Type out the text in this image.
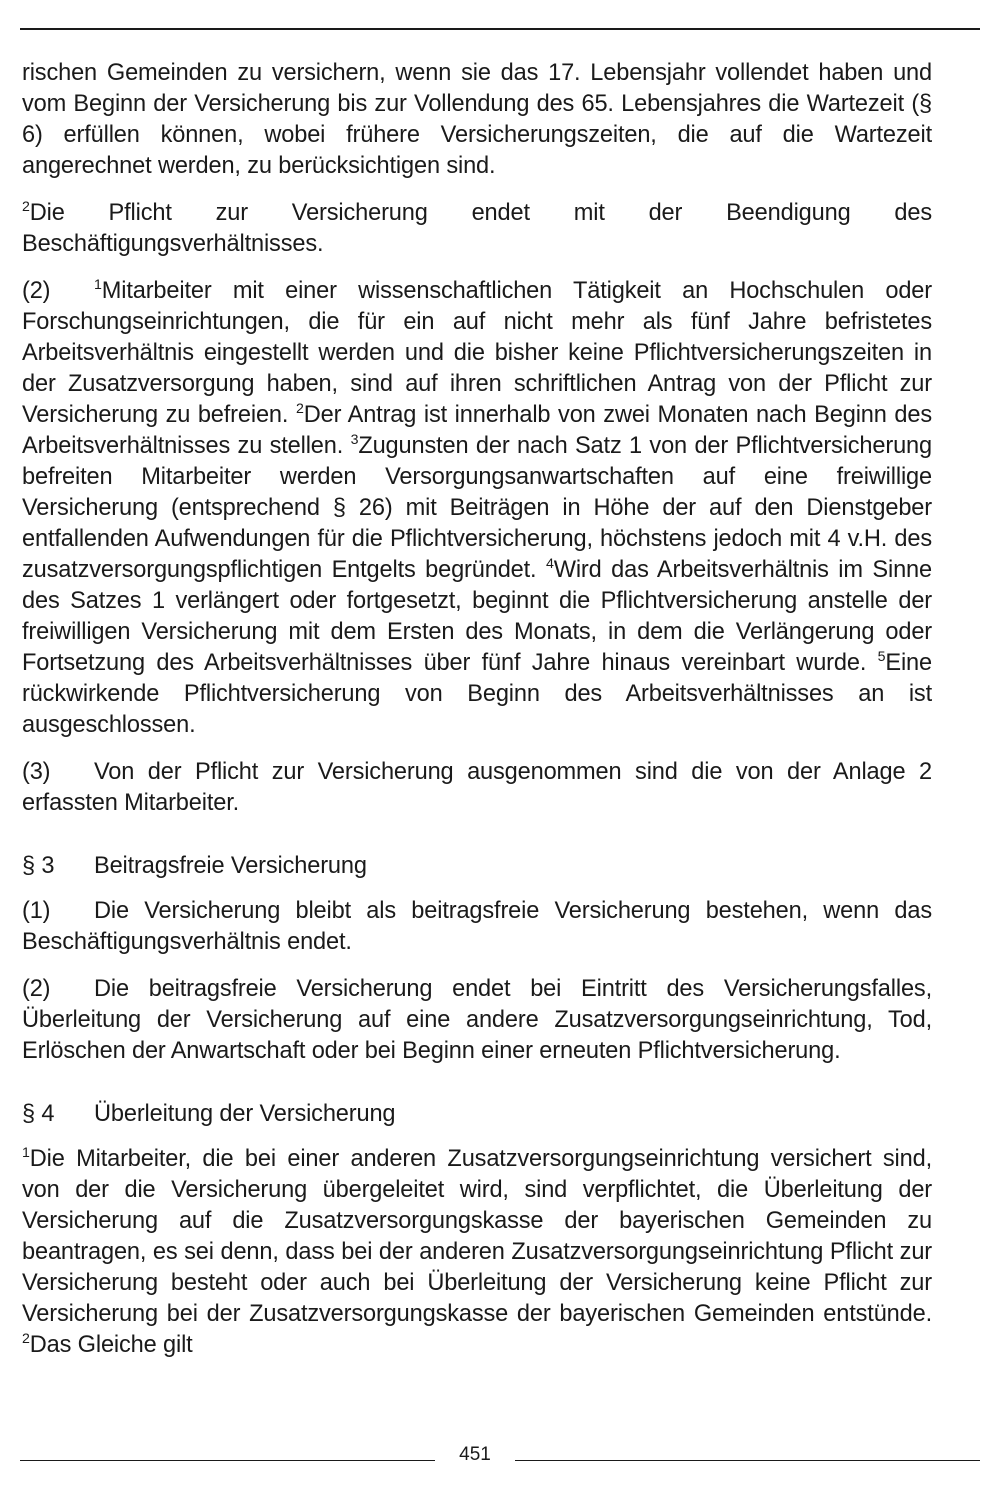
rischen Gemeinden zu versichern, wenn sie das 17. Lebensjahr vollendet haben und vom Beginn der Versicherung bis zur Vollendung des 65. Lebensjahres die Wartezeit (§ 6) erfüllen können, wobei frühere Versicherungszeiten, die auf die Wartezeit angerechnet werden, zu berücksichtigen sind.

$^2$Die Pflicht zur Versicherung endet mit der Beendigung des Beschäftigungsverhältnisses.

(2)	$^1$Mitarbeiter mit einer wissenschaftlichen Tätigkeit an Hochschulen oder Forschungseinrichtungen, die für ein auf nicht mehr als fünf Jahre befristetes Arbeitsverhältnis eingestellt werden und die bisher keine Pflichtversicherungszeiten in der Zusatzversorgung haben, sind auf ihren schriftlichen Antrag von der Pflicht zur Versicherung zu befreien. $^2$Der Antrag ist innerhalb von zwei Monaten nach Beginn des Arbeitsverhältnisses zu stellen. $^3$Zugunsten der nach Satz 1 von der Pflichtversicherung befreiten Mitarbeiter werden Versorgungsanwartschaften auf eine freiwillige Versicherung (entsprechend § 26) mit Beiträgen in Höhe der auf den Dienstgeber entfallenden Aufwendungen für die Pflichtversicherung, höchstens jedoch mit 4 v.H. des zusatzversorgungspflichtigen Entgelts begründet. $^4$Wird das Arbeitsverhältnis im Sinne des Satzes 1 verlängert oder fortgesetzt, beginnt die Pflichtversicherung anstelle der freiwilligen Versicherung mit dem Ersten des Monats, in dem die Verlängerung oder Fortsetzung des Arbeitsverhältnisses über fünf Jahre hinaus vereinbart wurde. $^5$Eine rückwirkende Pflichtversicherung von Beginn des Arbeitsverhältnisses an ist ausgeschlossen.

(3) Von der Pflicht zur Versicherung ausgenommen sind die von der Anlage 2 erfassten Mitarbeiter.

§ 3 Beitragsfreie Versicherung

(1) Die Versicherung bleibt als beitragsfreie Versicherung bestehen, wenn das Beschäftigungsverhältnis endet.

(2) Die beitragsfreie Versicherung endet bei Eintritt des Versicherungsfalles, Überleitung der Versicherung auf eine andere Zusatzversorgungseinrichtung, Tod, Erlöschen der Anwartschaft oder bei Beginn einer erneuten Pflichtversicherung.

§ 4 Überleitung der Versicherung

$^1$Die Mitarbeiter, die bei einer anderen Zusatzversorgungseinrichtung versichert sind, von der die Versicherung übergeleitet wird, sind verpflichtet, die Überleitung der Versicherung auf die Zusatzversorgungskasse der bayerischen Gemeinden zu beantragen, es sei denn, dass bei der anderen Zusatzversorgungseinrichtung Pflicht zur Versicherung besteht oder auch bei Überleitung der Versicherung keine Pflicht zur Versicherung bei der Zusatzversorgungskasse der bayerischen Gemeinden entstünde. $^2$Das Gleiche gilt

451
